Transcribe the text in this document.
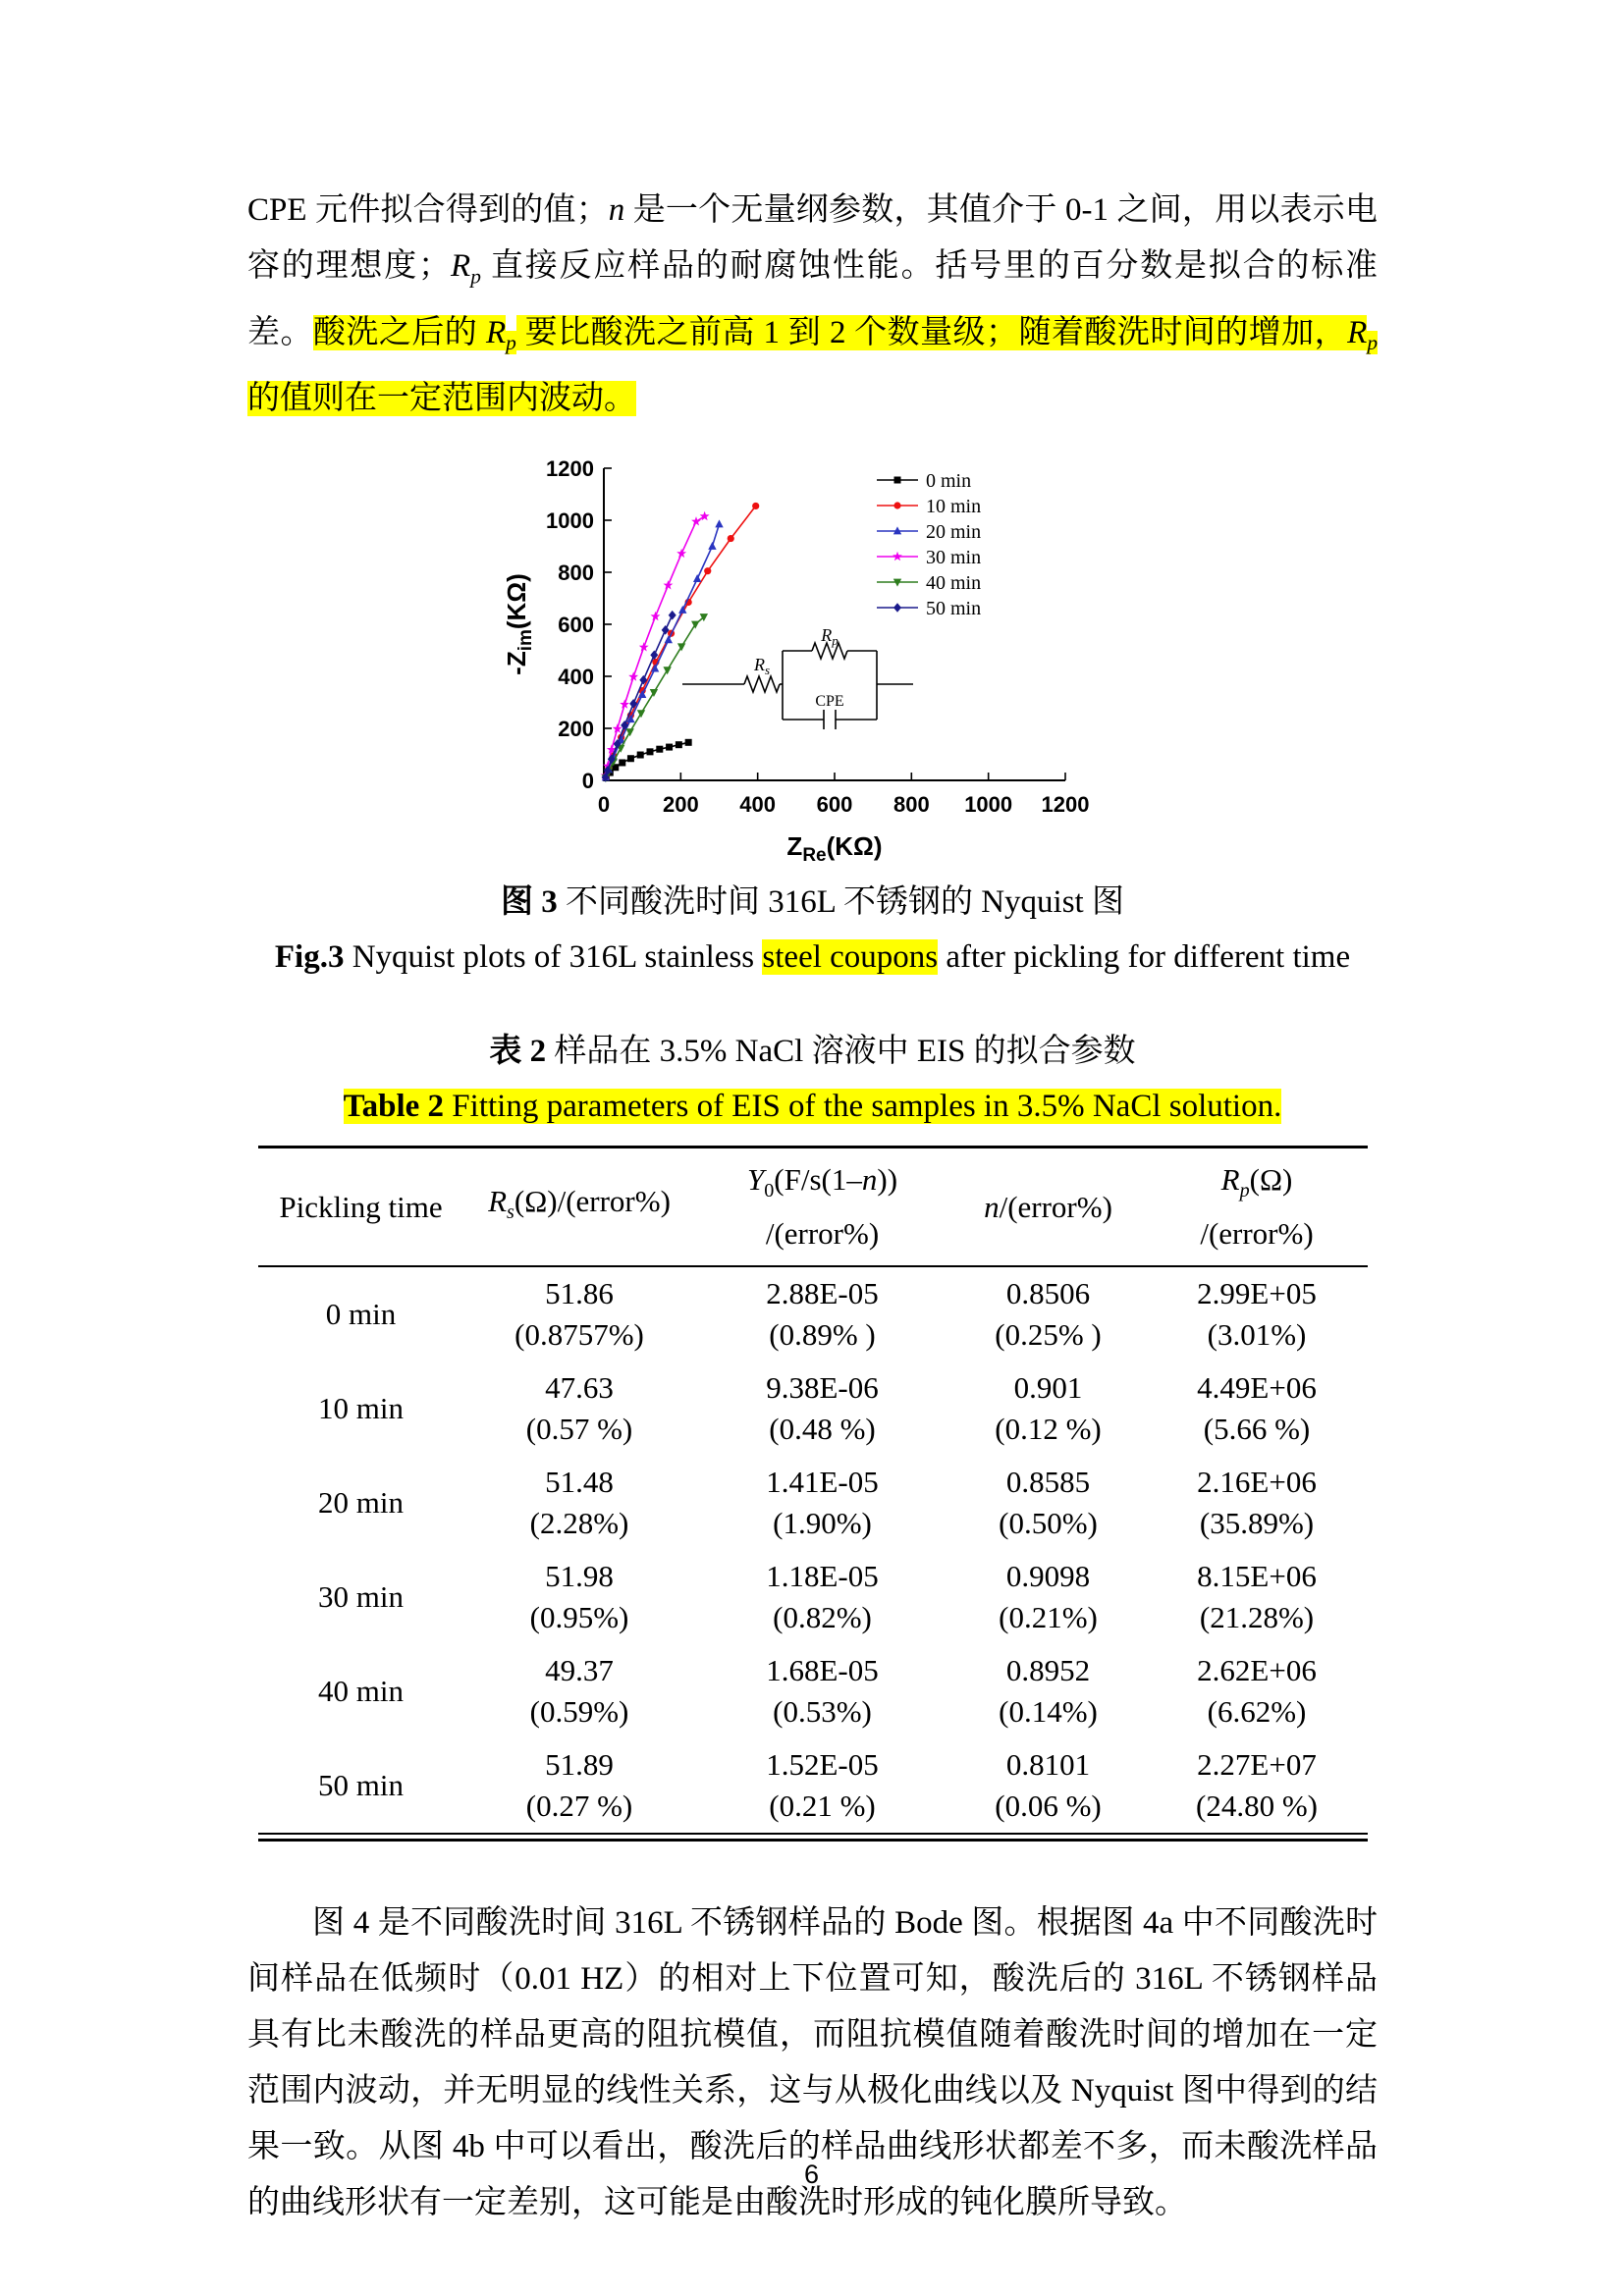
CPE 元件拟合得到的值；n 是一个无量纲参数，其值介于 0-1 之间，用以表示电容的理想度；$R_p$ 直接反应样品的耐腐蚀性能。括号里的百分数是拟合的标准差。酸洗之后的 $R_p$ 要比酸洗之前高 1 到 2 个数量级；随着酸洗时间的增加，$R_p$ 的值则在一定范围内波动。

0 200 400 600 800 1000 1200
0
200
400
600
800
1000
1200
$Z_{Re}(K\Omega)$
$-Z_{im}(K\Omega)$
0 min
10 min
20 min
30 min
40 min
50 min
$R_s$
$R_p$
CPE

图 3 不同酸洗时间 316L 不锈钢的 Nyquist 图

Fig.3 Nyquist plots of 316L stainless steel coupons after pickling for different time

表 2 样品在 3.5% NaCl 溶液中 EIS 的拟合参数

Table 2 Fitting parameters of EIS of the samples in 3.5% NaCl solution.

Pickling time	$R_s(\Omega)/(error\%)$
$Y_0(F/s(1-n))$
/(error%)
n/(error%)
$R_p(\Omega)$
/(error%)
0 min
51.86
(0.8757%)
2.88E-05
(0.89% )
0.8506
(0.25% )
2.99E+05
(3.01%)
10 min
47.63
(0.57 %)
9.38E-06
(0.48 %)
0.901
(0.12 %)
4.49E+06
(5.66 %)
20 min
51.48
(2.28%)
1.41E-05
(1.90%)
0.8585
(0.50%)
2.16E+06
(35.89%)
30 min
51.98
(0.95%)
1.18E-05
(0.82%)
0.9098
(0.21%)
8.15E+06
(21.28%)
40 min
49.37
(0.59%)
1.68E-05
(0.53%)
0.8952
(0.14%)
2.62E+06
(6.62%)
50 min
51.89
(0.27 %)
1.52E-05
(0.21 %)
0.8101
(0.06 %)
2.27E+07
(24.80 %)

图 4 是不同酸洗时间 316L 不锈钢样品的 Bode 图。根据图 4a 中不同酸洗时间样品在低频时（0.01 HZ）的相对上下位置可知，酸洗后的 316L 不锈钢样品具有比未酸洗的样品更高的阻抗模值，而阻抗模值随着酸洗时间的增加在一定范围内波动，并无明显的线性关系，这与从极化曲线以及 Nyquist 图中得到的结果一致。从图 4b 中可以看出，酸洗后的样品曲线形状都差不多，而未酸洗样品的曲线形状有一定差别，这可能是由酸洗时形成的钝化膜所导致。

6
